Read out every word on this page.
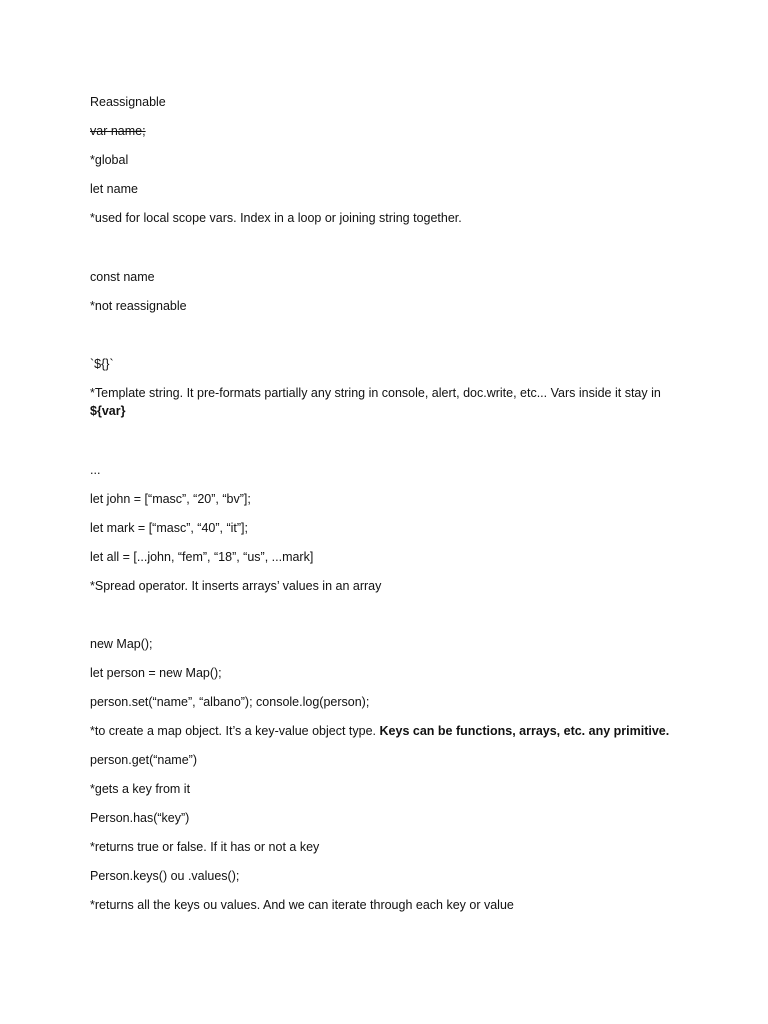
Reassignable
var name;
*global
let name
*used for local scope vars. Index in a loop or joining string together.
const name
*not reassignable
`${}`
*Template string. It pre-formats partially any string in console, alert, doc.write, etc... Vars inside it stay in
${var}
...
let john = [“masc”, “20”, “bv”];
let mark = [“masc”, “40”, “it”];
let all = [...john, “fem”, “18”, “us”, ...mark]
*Spread operator. It inserts arrays’ values in an array
new Map();
let person = new Map();
person.set(“name”, “albano”); console.log(person);
*to create a map object. It’s a key-value object type. Keys can be functions, arrays, etc. any primitive.
person.get(“name”)
*gets a key from it
Person.has(“key”)
*returns true or false. If it has or not a key
Person.keys() ou .values();
*returns all the keys ou values. And we can iterate through each key or value
